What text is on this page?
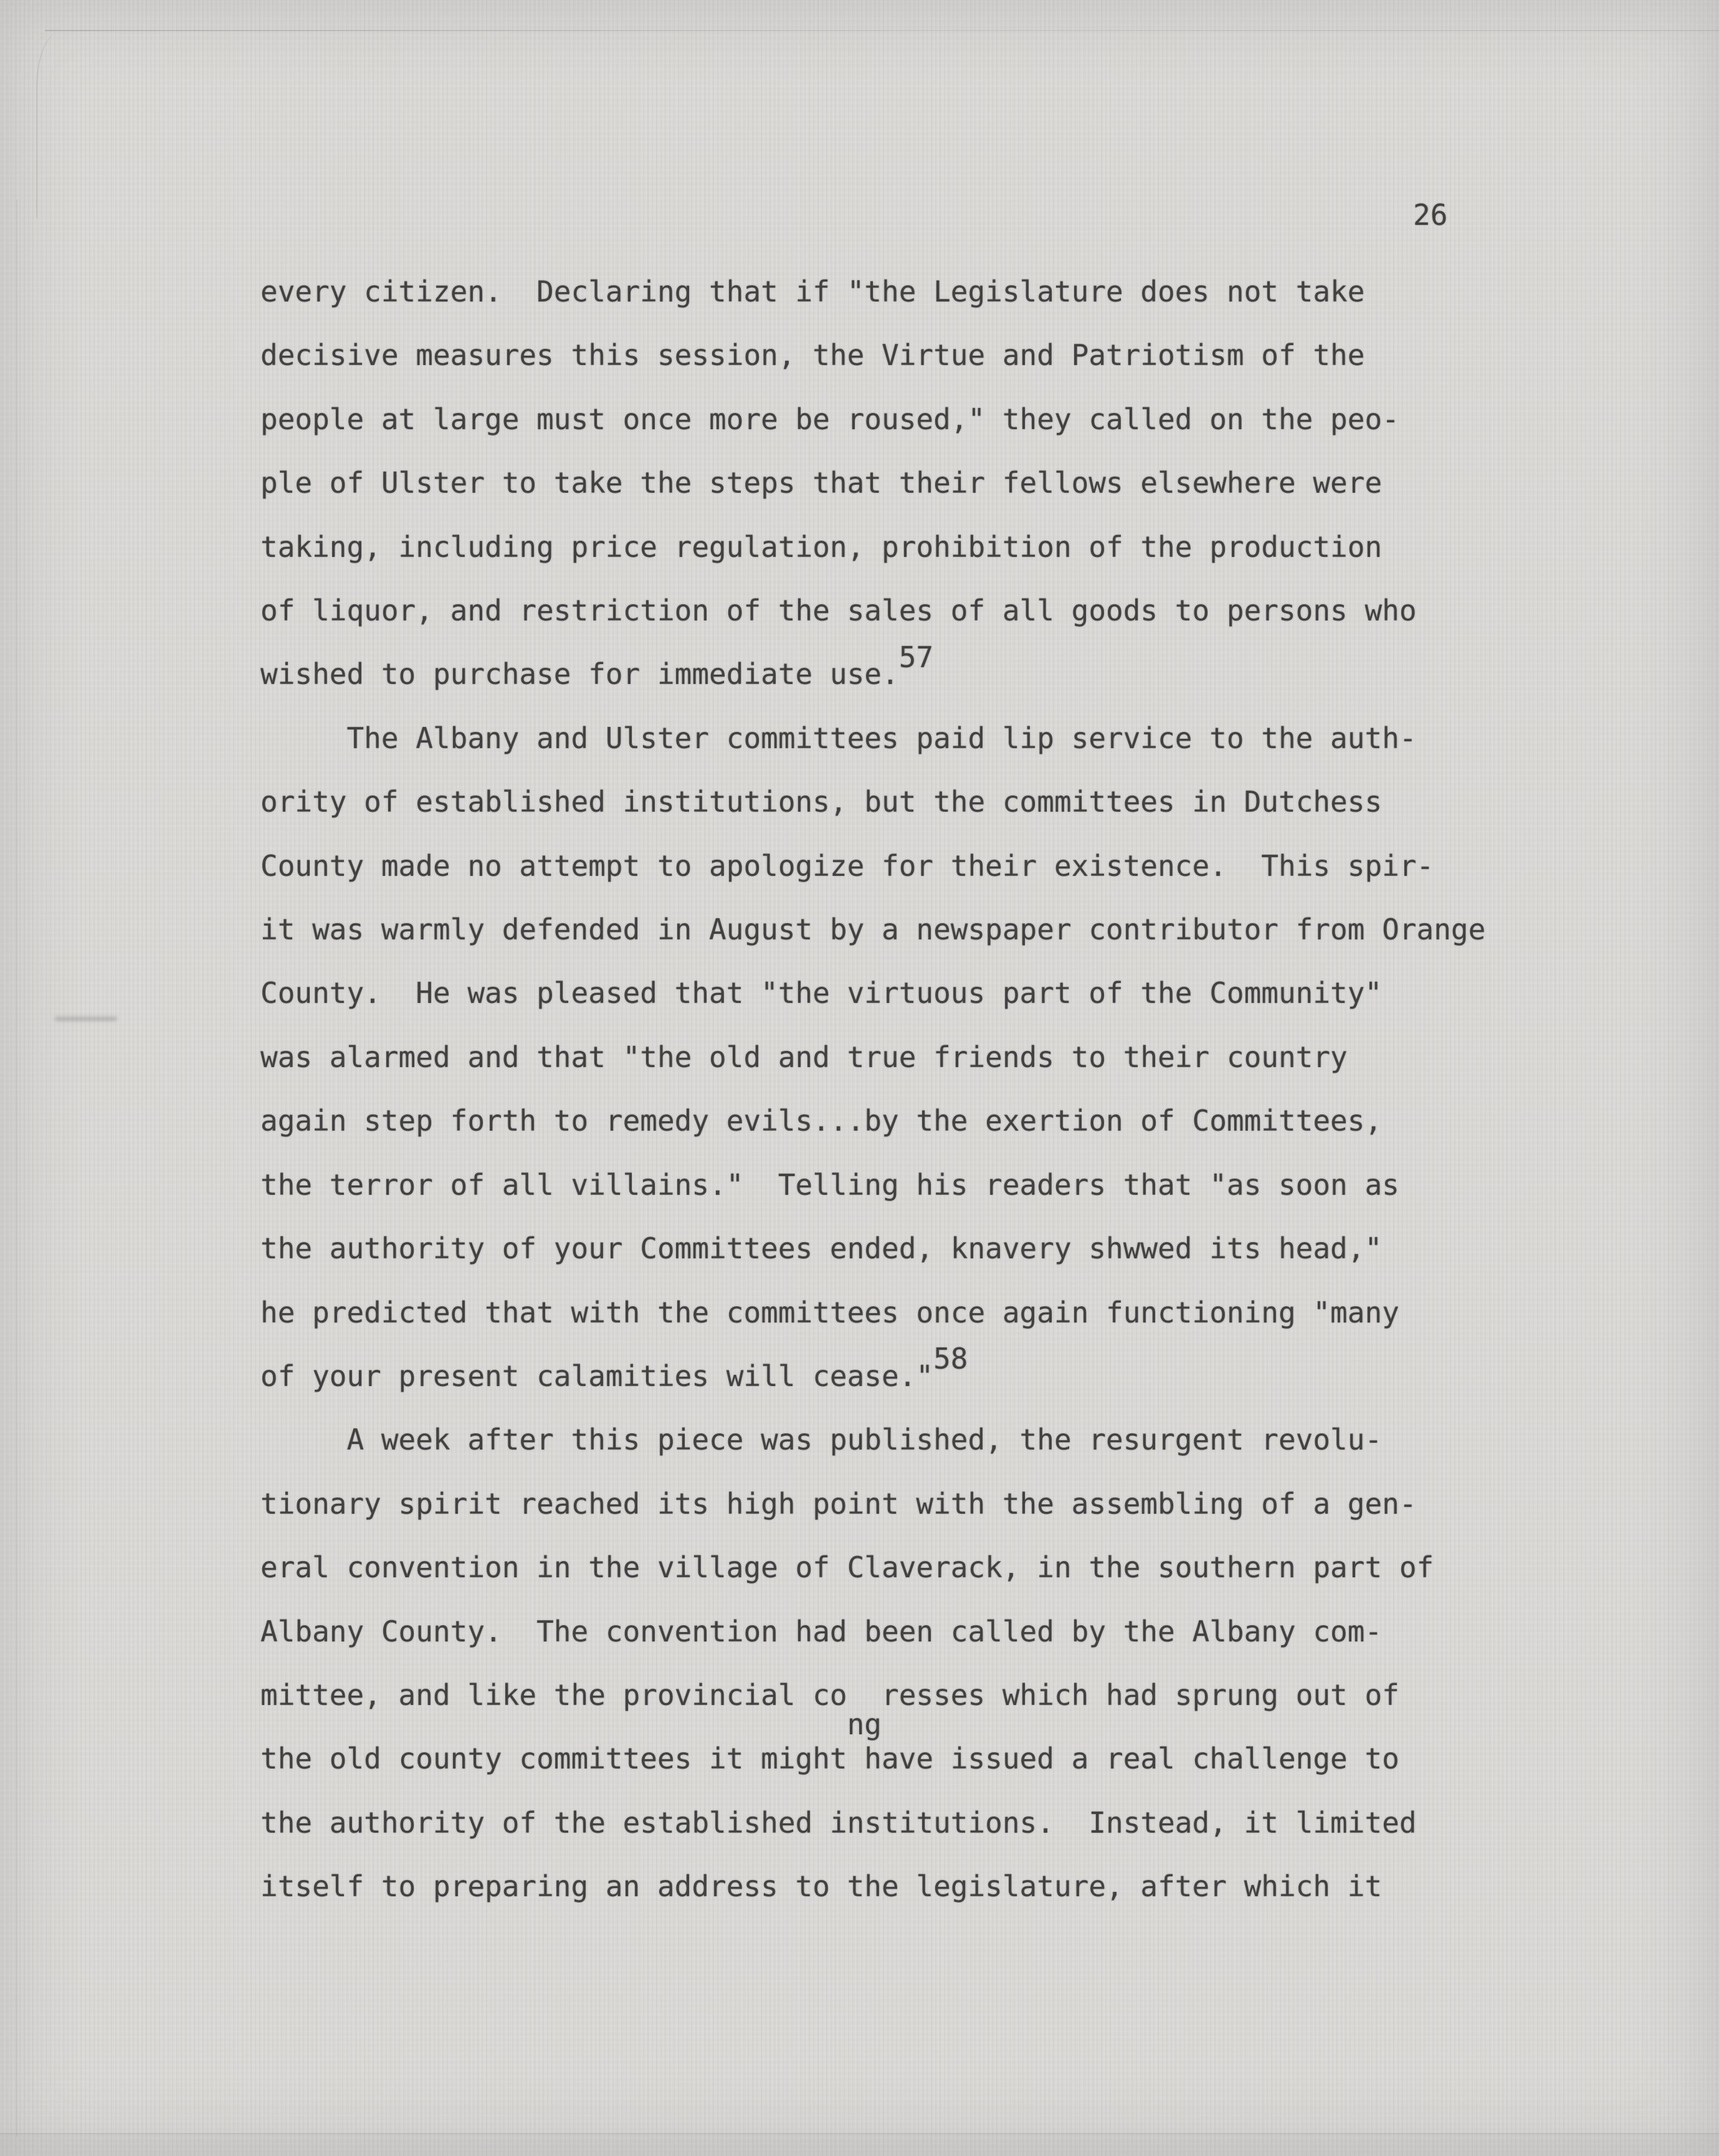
26
every citizen.  Declaring that if "the Legislature does not take
decisive measures this session, the Virtue and Patriotism of the
people at large must once more be roused," they called on the peo-
ple of Ulster to take the steps that their fellows elsewhere were
taking, including price regulation, prohibition of the production
of liquor, and restriction of the sales of all goods to persons who
wished to purchase for immediate use.57
The Albany and Ulster committees paid lip service to the auth-
ority of established institutions, but the committees in Dutchess
County made no attempt to apologize for their existence.  This spir-
it was warmly defended in August by a newspaper contributor from Orange
County.  He was pleased that "the virtuous part of the Community"
was alarmed and that "the old and true friends to their country
again step forth to remedy evils...by the exertion of Committees,
the terror of all villains."  Telling his readers that "as soon as
the authority of your Committees ended, knavery shwwed its head,"
he predicted that with the committees once again functioning "many
of your present calamities will cease."58
A week after this piece was published, the resurgent revolu-
tionary spirit reached its high point with the assembling of a gen-
eral convention in the village of Claverack, in the southern part of
Albany County.  The convention had been called by the Albany com-
mittee, and like the provincial congresses which had sprung out of
the old county committees it might have issued a real challenge to
the authority of the established institutions.  Instead, it limited
itself to preparing an address to the legislature, after which it
